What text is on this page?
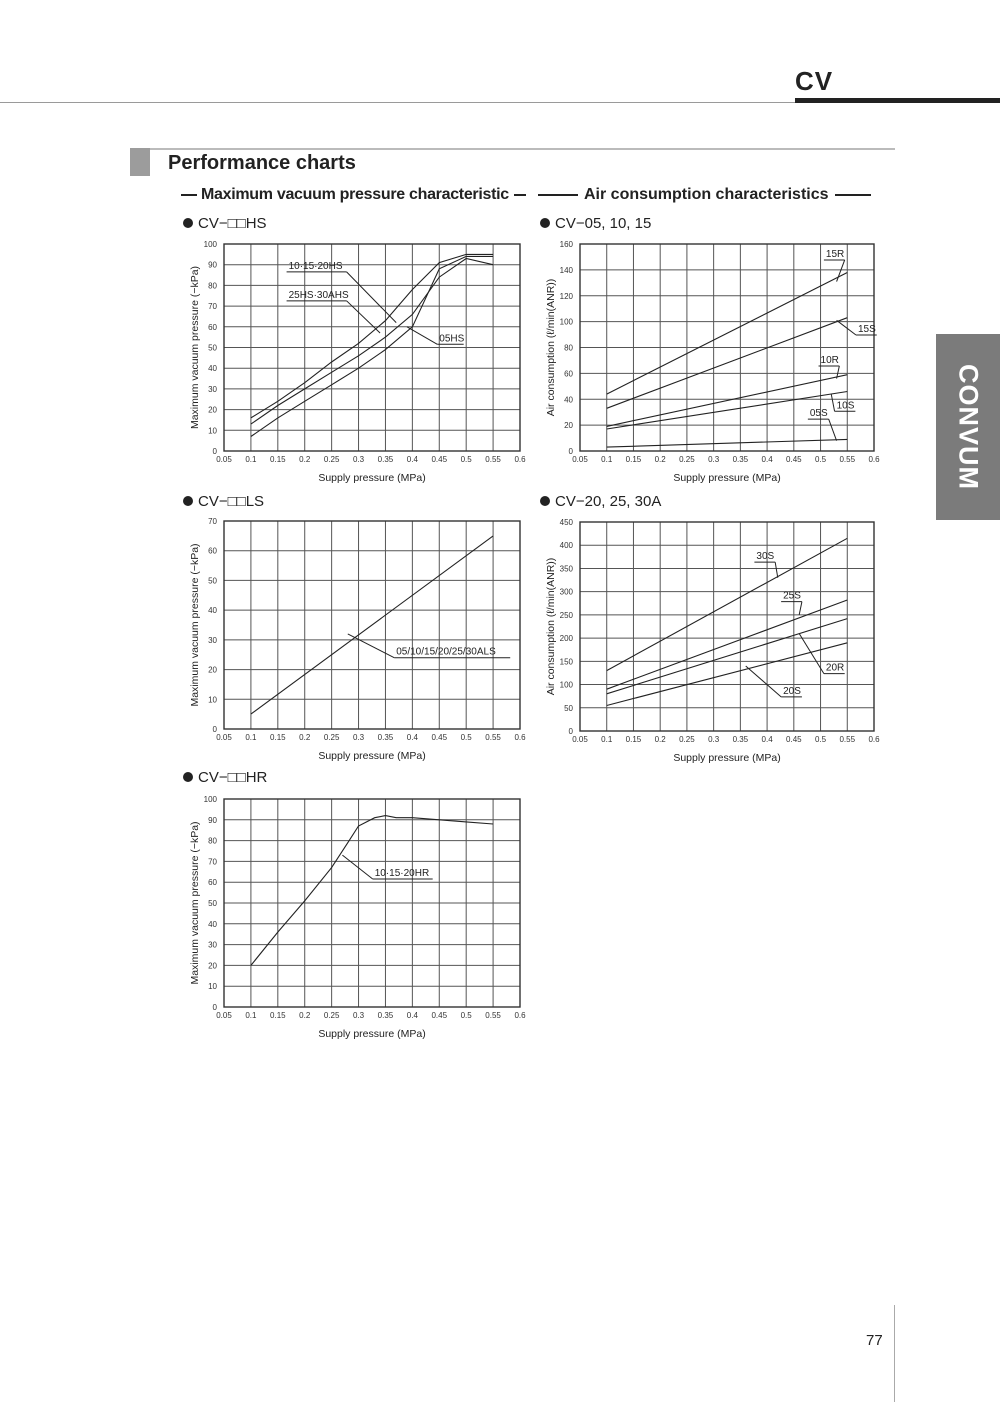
CV
CONVUM
Performance charts
Maximum vacuum pressure characteristic	Air consumption characteristics
CV−□□HS	CV−05, 10, 15
CV−□□LS	CV−20, 25, 30A
CV−□□HR
0.05 0.1 0.15 0.2 0.25 0.3 0.35 0.4 0.45 0.5 0.55 0.6
0
10
20
30
40
50
60
70
80
90
100
10·15·20HS
25HS·30AHS
05HS
Supply pressure (MPa)
Maximum vacuum pressure (−kPa)
0.05 0.1 0.15 0.2 0.25 0.3 0.35 0.4 0.45 0.5 0.55 0.6
0
20
40
60
80
100
120
140
160
15R
15S
10R
10S
05S
Supply pressure (MPa)
Air consumption (ℓ/min(ANR))
0.05 0.1 0.15 0.2 0.25 0.3 0.35 0.4 0.45 0.5 0.55 0.6
0
10
20
30
40
50
60
70
05/10/15/20/25/30ALS
Supply pressure (MPa)
Maximum vacuum pressure (−kPa)
0.05 0.1 0.15 0.2 0.25 0.3 0.35 0.4 0.45 0.5 0.55 0.6
0
50
100
150
200
250
300
350
400
450
30S
25S
20R
20S
Supply pressure (MPa)
Air consumption (ℓ/min(ANR))
0.05 0.1 0.15 0.2 0.25 0.3 0.35 0.4 0.45 0.5 0.55 0.6
0
10
20
30
40
50
60
70
80
90
100
10·15·20HR
Supply pressure (MPa)
Maximum vacuum pressure (−kPa)
77
